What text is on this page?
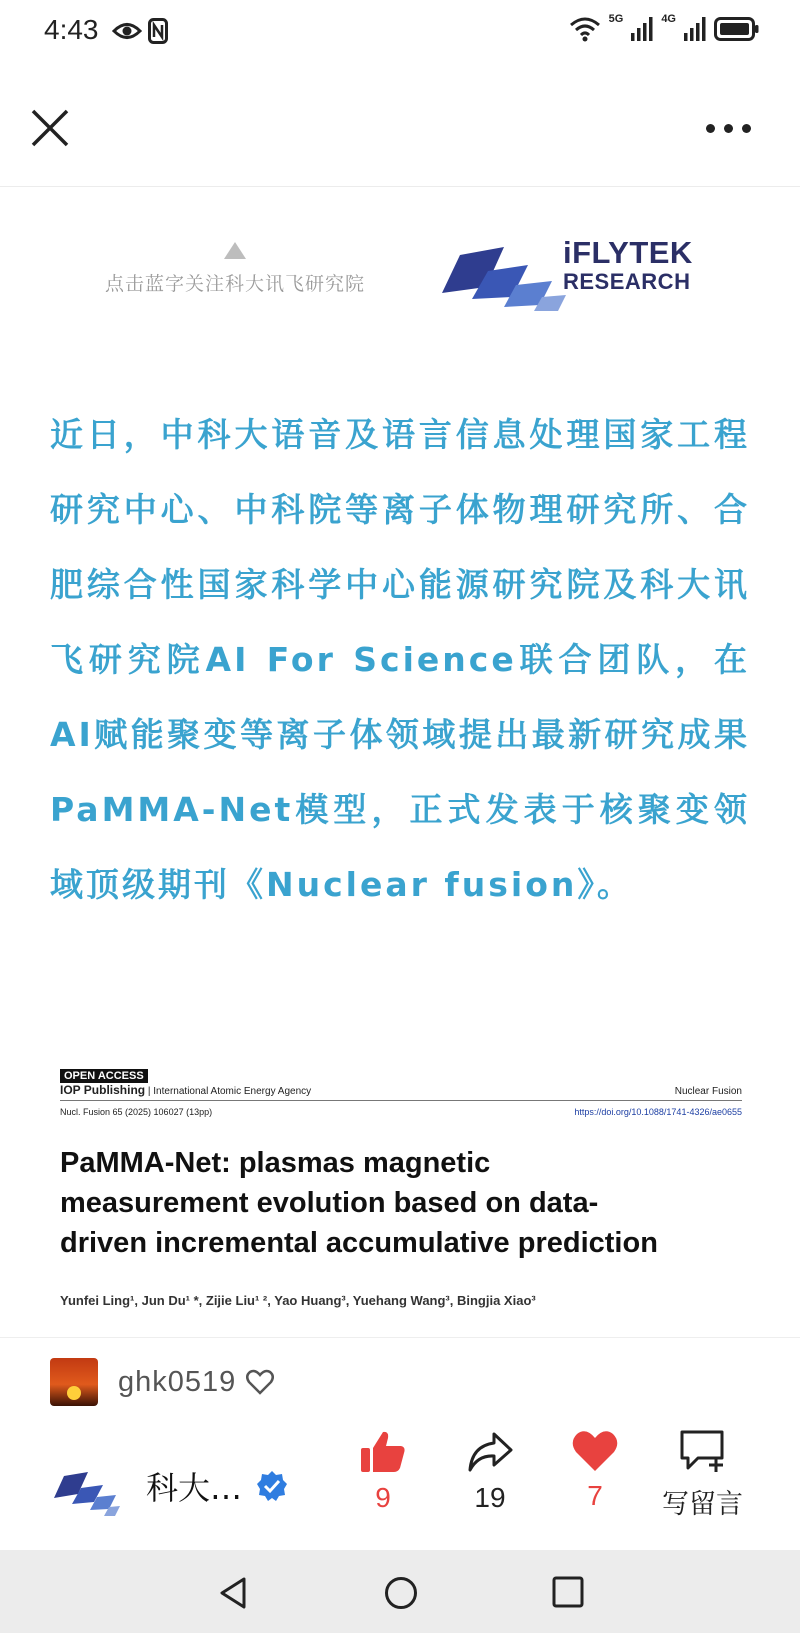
4:43	5G	4G
点击蓝字关注科大讯飞研究院
iFLYTEK
RESEARCH
近日，中科大语音及语言信息处理国家工程研究中心、中科院等离子体物理研究所、合肥综合性国家科学中心能源研究院及科大讯飞研究院AI For Science联合团队，在AI赋能聚变等离子体领域提出最新研究成果PaMMA-Net模型，正式发表于核聚变领域顶级期刊《Nuclear fusion》。
OPEN ACCESS
IOP Publishing | International Atomic Energy Agency	Nuclear Fusion
Nucl. Fusion 65 (2025) 106027 (13pp)	https://doi.org/10.1088/1741-4326/ae0655
PaMMA-Net: plasmas magnetic measurement evolution based on data-driven incremental accumulative prediction
Yunfei Ling¹, Jun Du¹ *, Zijie Liu¹ ², Yao Huang³, Yuehang Wang³, Bingjia Xiao³
ghk0519
科大…	9	19	7	写留言
